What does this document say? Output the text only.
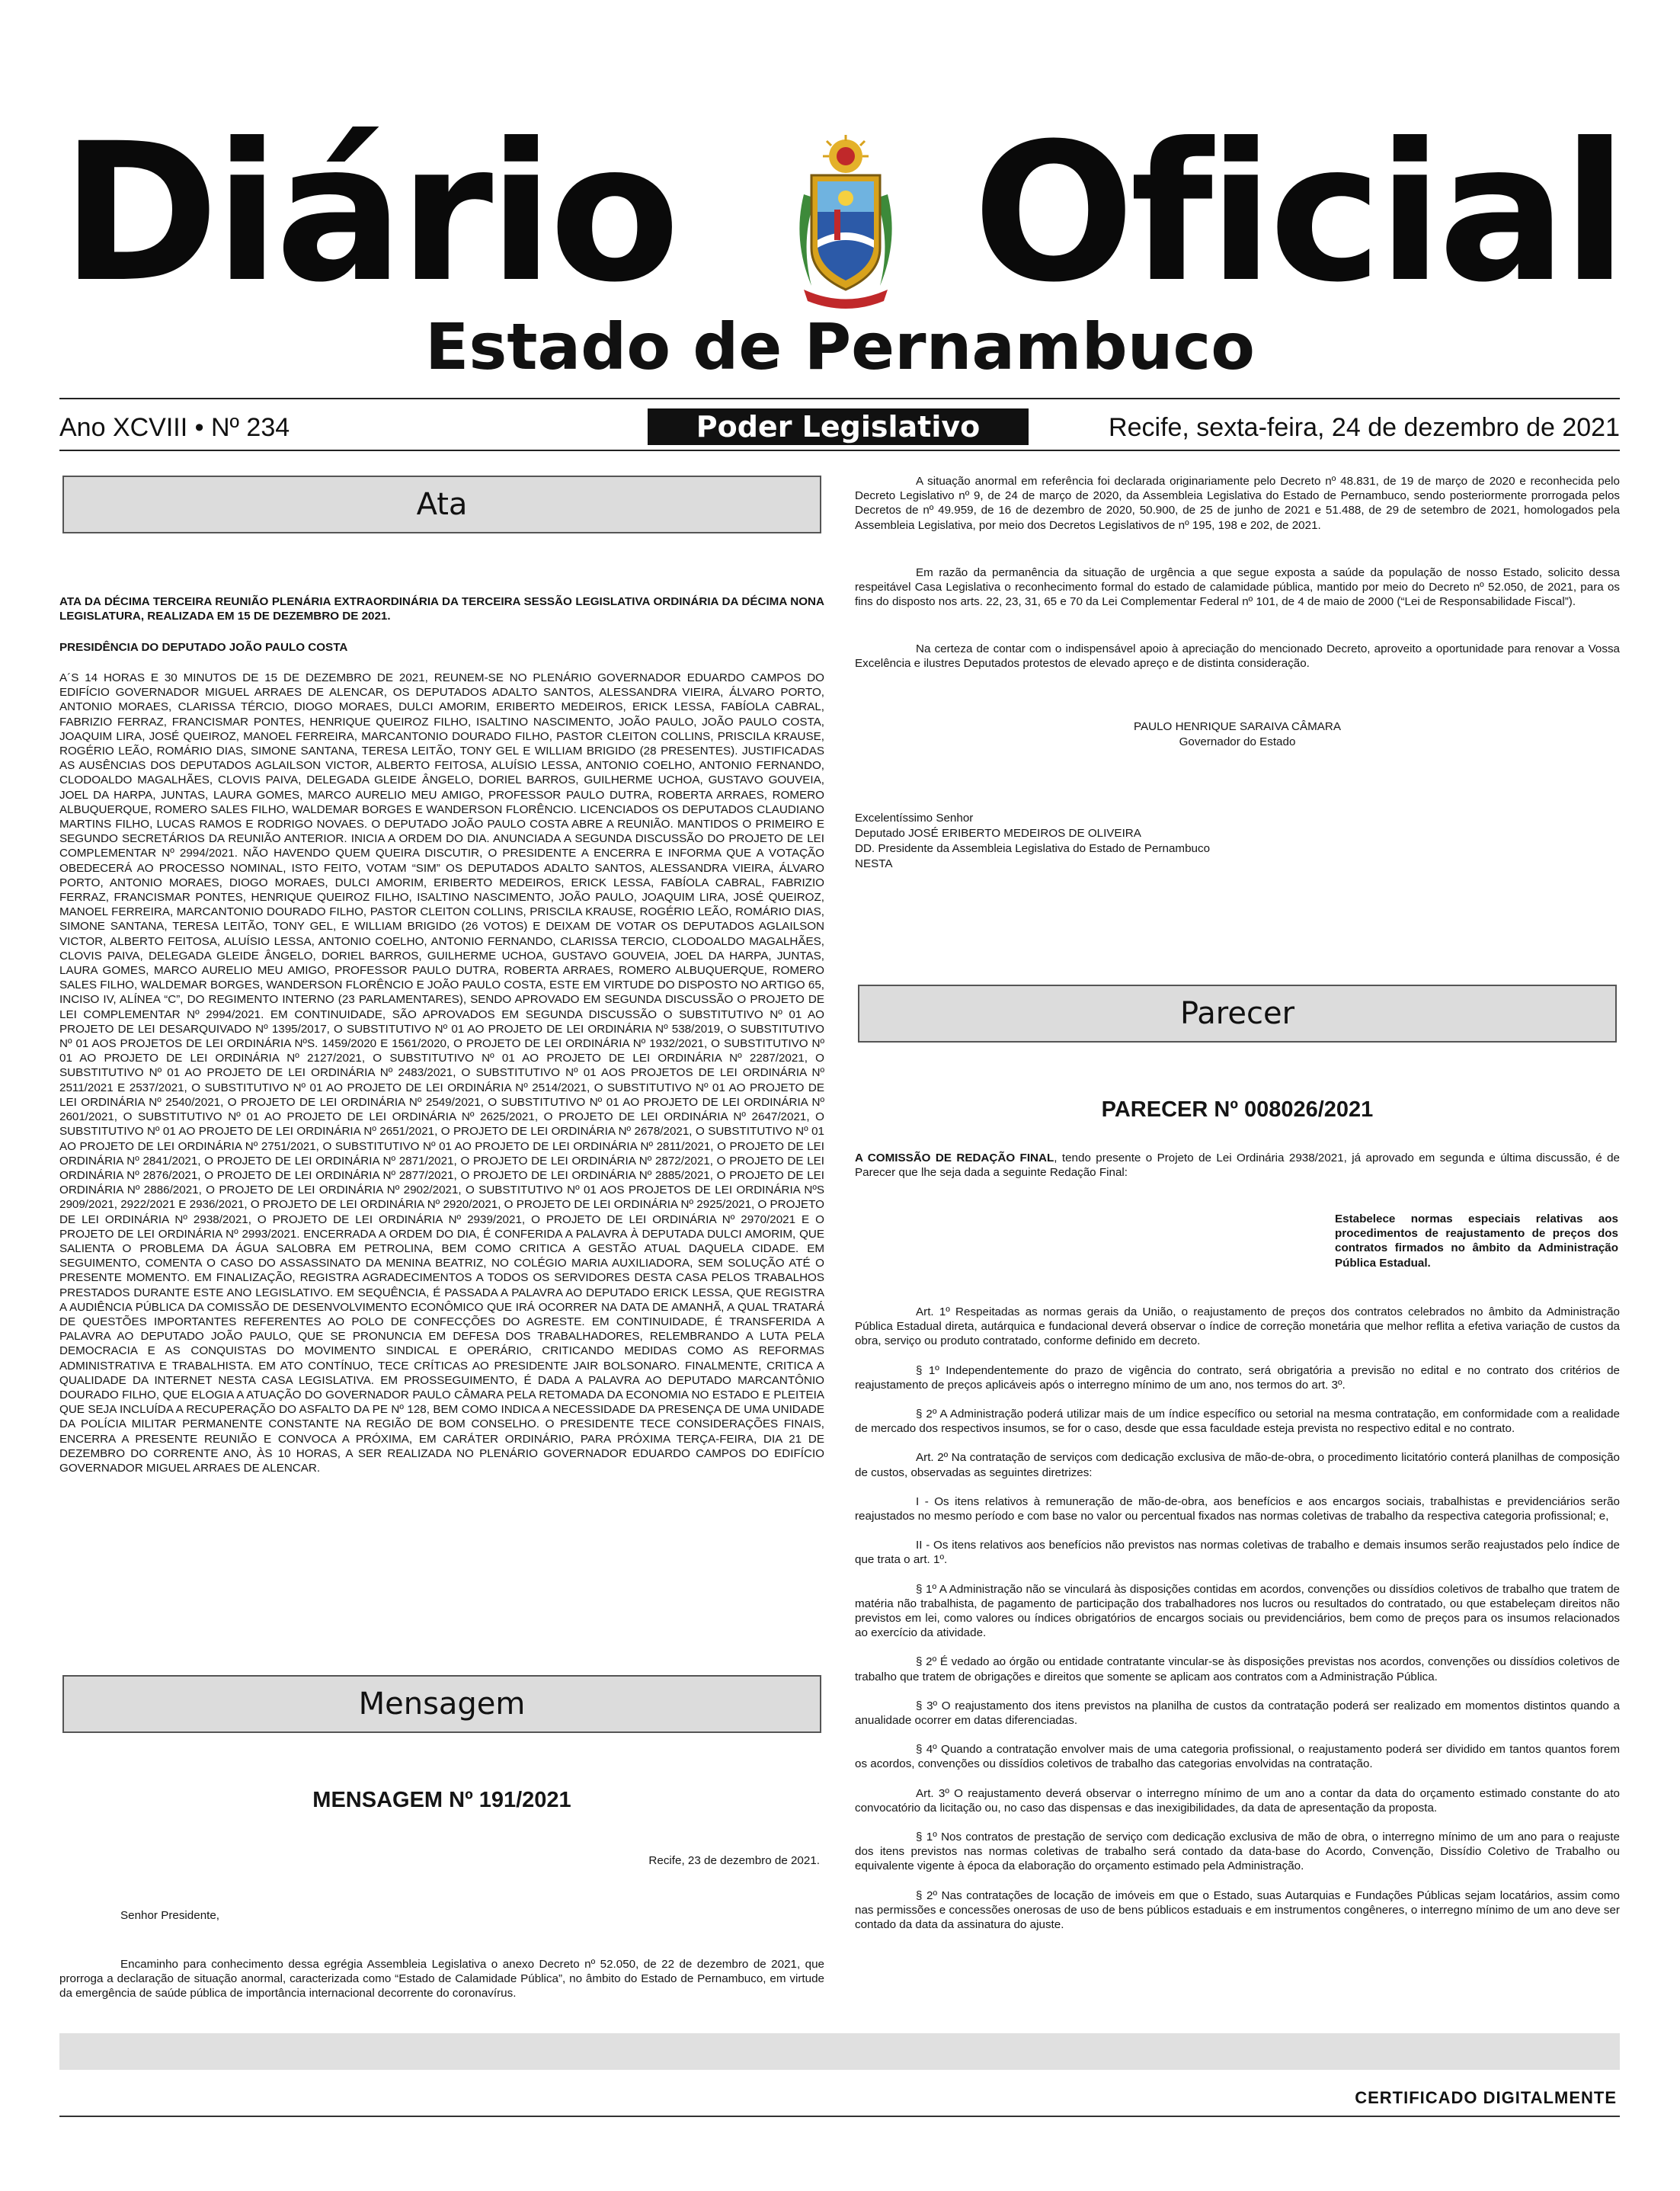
Diário Oficial
Estado de Pernambuco
Ano XCVIII • Nº 234	Poder Legislativo	Recife, sexta-feira, 24 de dezembro de 2021
Ata
ATA DA DÉCIMA TERCEIRA REUNIÃO PLENÁRIA EXTRAORDINÁRIA DA TERCEIRA SESSÃO LEGISLATIVA ORDINÁRIA DA DÉCIMA NONA LEGISLATURA, REALIZADA EM 15 DE DEZEMBRO DE 2021.
PRESIDÊNCIA DO DEPUTADO JOÃO PAULO COSTA
A´S 14 HORAS E 30 MINUTOS DE 15 DE DEZEMBRO DE 2021, REUNEM-SE NO PLENÁRIO GOVERNADOR EDUARDO CAMPOS DO EDIFÍCIO GOVERNADOR MIGUEL ARRAES DE ALENCAR, OS DEPUTADOS ADALTO SANTOS, ALESSANDRA VIEIRA, ÁLVARO PORTO, ANTONIO MORAES, CLARISSA TÉRCIO, DIOGO MORAES, DULCI AMORIM, ERIBERTO MEDEIROS, ERICK LESSA, FABÍOLA CABRAL, FABRIZIO FERRAZ, FRANCISMAR PONTES, HENRIQUE QUEIROZ FILHO, ISALTINO NASCIMENTO, JOÃO PAULO, JOÃO PAULO COSTA, JOAQUIM LIRA, JOSÉ QUEIROZ, MANOEL FERREIRA, MARCANTONIO DOURADO FILHO, PASTOR CLEITON COLLINS, PRISCILA KRAUSE, ROGÉRIO LEÃO, ROMÁRIO DIAS, SIMONE SANTANA, TERESA LEITÃO, TONY GEL E WILLIAM BRIGIDO (28 PRESENTES). JUSTIFICADAS AS AUSÊNCIAS DOS DEPUTADOS AGLAILSON VICTOR, ALBERTO FEITOSA, ALUÍSIO LESSA, ANTONIO COELHO, ANTONIO FERNANDO, CLODOALDO MAGALHÃES, CLOVIS PAIVA, DELEGADA GLEIDE ÂNGELO, DORIEL BARROS, GUILHERME UCHOA, GUSTAVO GOUVEIA, JOEL DA HARPA, JUNTAS, LAURA GOMES, MARCO AURELIO MEU AMIGO, PROFESSOR PAULO DUTRA, ROBERTA ARRAES, ROMERO ALBUQUERQUE, ROMERO SALES FILHO, WALDEMAR BORGES E WANDERSON FLORÊNCIO. LICENCIADOS OS DEPUTADOS CLAUDIANO MARTINS FILHO, LUCAS RAMOS E RODRIGO NOVAES. O DEPUTADO JOÃO PAULO COSTA ABRE A REUNIÃO. MANTIDOS O PRIMEIRO E SEGUNDO SECRETÁRIOS DA REUNIÃO ANTERIOR. INICIA A ORDEM DO DIA. ANUNCIADA A SEGUNDA DISCUSSÃO DO PROJETO DE LEI COMPLEMENTAR Nº 2994/2021. NÃO HAVENDO QUEM QUEIRA DISCUTIR, O PRESIDENTE A ENCERRA E INFORMA QUE A VOTAÇÃO OBEDECERÁ AO PROCESSO NOMINAL, ISTO FEITO, VOTAM “SIM” OS DEPUTADOS ADALTO SANTOS, ALESSANDRA VIEIRA, ÁLVARO PORTO, ANTONIO MORAES, DIOGO MORAES, DULCI AMORIM, ERIBERTO MEDEIROS, ERICK LESSA, FABÍOLA CABRAL, FABRIZIO FERRAZ, FRANCISMAR PONTES, HENRIQUE QUEIROZ FILHO, ISALTINO NASCIMENTO, JOÃO PAULO, JOAQUIM LIRA, JOSÉ QUEIROZ, MANOEL FERREIRA, MARCANTONIO DOURADO FILHO, PASTOR CLEITON COLLINS, PRISCILA KRAUSE, ROGÉRIO LEÃO, ROMÁRIO DIAS, SIMONE SANTANA, TERESA LEITÃO, TONY GEL, E WILLIAM BRIGIDO (26 VOTOS) E DEIXAM DE VOTAR OS DEPUTADOS AGLAILSON VICTOR, ALBERTO FEITOSA, ALUÍSIO LESSA, ANTONIO COELHO, ANTONIO FERNANDO, CLARISSA TERCIO, CLODOALDO MAGALHÃES, CLOVIS PAIVA, DELEGADA GLEIDE ÂNGELO, DORIEL BARROS, GUILHERME UCHOA, GUSTAVO GOUVEIA, JOEL DA HARPA, JUNTAS, LAURA GOMES, MARCO AURELIO MEU AMIGO, PROFESSOR PAULO DUTRA, ROBERTA ARRAES, ROMERO ALBUQUERQUE, ROMERO SALES FILHO, WALDEMAR BORGES, WANDERSON FLORÊNCIO E JOÃO PAULO COSTA, ESTE EM VIRTUDE DO DISPOSTO NO ARTIGO 65, INCISO IV, ALÍNEA “C”, DO REGIMENTO INTERNO (23 PARLAMENTARES), SENDO APROVADO EM SEGUNDA DISCUSSÃO O PROJETO DE LEI COMPLEMENTAR Nº 2994/2021. EM CONTINUIDADE, SÃO APROVADOS EM SEGUNDA DISCUSSÃO O SUBSTITUTIVO Nº 01 AO PROJETO DE LEI DESARQUIVADO Nº 1395/2017, O SUBSTITUTIVO Nº 01 AO PROJETO DE LEI ORDINÁRIA Nº 538/2019, O SUBSTITUTIVO Nº 01 AOS PROJETOS DE LEI ORDINÁRIA NºS. 1459/2020 E 1561/2020, O PROJETO DE LEI ORDINÁRIA Nº 1932/2021, O SUBSTITUTIVO Nº 01 AO PROJETO DE LEI ORDINÁRIA Nº 2127/2021, O SUBSTITUTIVO Nº 01 AO PROJETO DE LEI ORDINÁRIA Nº 2287/2021, O SUBSTITUTIVO Nº 01 AO PROJETO DE LEI ORDINÁRIA Nº 2483/2021, O SUBSTITUTIVO Nº 01 AOS PROJETOS DE LEI ORDINÁRIA Nº 2511/2021 E 2537/2021, O SUBSTITUTIVO Nº 01 AO PROJETO DE LEI ORDINÁRIA Nº 2514/2021, O SUBSTITUTIVO Nº 01 AO PROJETO DE LEI ORDINÁRIA Nº 2540/2021, O PROJETO DE LEI ORDINÁRIA Nº 2549/2021, O SUBSTITUTIVO Nº 01 AO PROJETO DE LEI ORDINÁRIA Nº 2601/2021, O SUBSTITUTIVO Nº 01 AO PROJETO DE LEI ORDINÁRIA Nº 2625/2021, O PROJETO DE LEI ORDINÁRIA Nº 2647/2021, O SUBSTITUTIVO Nº 01 AO PROJETO DE LEI ORDINÁRIA Nº 2651/2021, O PROJETO DE LEI ORDINÁRIA Nº 2678/2021, O SUBSTITUTIVO Nº 01 AO PROJETO DE LEI ORDINÁRIA Nº 2751/2021, O SUBSTITUTIVO Nº 01 AO PROJETO DE LEI ORDINÁRIA Nº 2811/2021, O PROJETO DE LEI ORDINÁRIA Nº 2841/2021, O PROJETO DE LEI ORDINÁRIA Nº 2871/2021, O PROJETO DE LEI ORDINÁRIA Nº 2872/2021, O PROJETO DE LEI ORDINÁRIA Nº 2876/2021, O PROJETO DE LEI ORDINÁRIA Nº 2877/2021, O PROJETO DE LEI ORDINÁRIA Nº 2885/2021, O PROJETO DE LEI ORDINÁRIA Nº 2886/2021, O PROJETO DE LEI ORDINÁRIA Nº 2902/2021, O SUBSTITUTIVO Nº 01 AOS PROJETOS DE LEI ORDINÁRIA NºS 2909/2021, 2922/2021 E 2936/2021, O PROJETO DE LEI ORDINÁRIA Nº 2920/2021, O PROJETO DE LEI ORDINÁRIA Nº 2925/2021, O PROJETO DE LEI ORDINÁRIA Nº 2938/2021, O PROJETO DE LEI ORDINÁRIA Nº 2939/2021, O PROJETO DE LEI ORDINÁRIA Nº 2970/2021 E O PROJETO DE LEI ORDINÁRIA Nº 2993/2021. ENCERRADA A ORDEM DO DIA, É CONFERIDA A PALAVRA À DEPUTADA DULCI AMORIM, QUE SALIENTA O PROBLEMA DA ÁGUA SALOBRA EM PETROLINA, BEM COMO CRITICA A GESTÃO ATUAL DAQUELA CIDADE. EM SEGUIMENTO, COMENTA O CASO DO ASSASSINATO DA MENINA BEATRIZ, NO COLÉGIO MARIA AUXILIADORA, SEM SOLUÇÃO ATÉ O PRESENTE MOMENTO. EM FINALIZAÇÃO, REGISTRA AGRADECIMENTOS A TODOS OS SERVIDORES DESTA CASA PELOS TRABALHOS PRESTADOS DURANTE ESTE ANO LEGISLATIVO. EM SEQUÊNCIA, É PASSADA A PALAVRA AO DEPUTADO ERICK LESSA, QUE REGISTRA A AUDIÊNCIA PÚBLICA DA COMISSÃO DE DESENVOLVIMENTO ECONÔMICO QUE IRÁ OCORRER NA DATA DE AMANHÃ, A QUAL TRATARÁ DE QUESTÕES IMPORTANTES REFERENTES AO POLO DE CONFECÇÕES DO AGRESTE. EM CONTINUIDADE, É TRANSFERIDA A PALAVRA AO DEPUTADO JOÃO PAULO, QUE SE PRONUNCIA EM DEFESA DOS TRABALHADORES, RELEMBRANDO A LUTA PELA DEMOCRACIA E AS CONQUISTAS DO MOVIMENTO SINDICAL E OPERÁRIO, CRITICANDO MEDIDAS COMO AS REFORMAS ADMINISTRATIVA E TRABALHISTA. EM ATO CONTÍNUO, TECE CRÍTICAS AO PRESIDENTE JAIR BOLSONARO. FINALMENTE, CRITICA A QUALIDADE DA INTERNET NESTA CASA LEGISLATIVA. EM PROSSEGUIMENTO, É DADA A PALAVRA AO DEPUTADO MARCANTÔNIO DOURADO FILHO, QUE ELOGIA A ATUAÇÃO DO GOVERNADOR PAULO CÂMARA PELA RETOMADA DA ECONOMIA NO ESTADO E PLEITEIA QUE SEJA INCLUÍDA A RECUPERAÇÃO DO ASFALTO DA PE Nº 128, BEM COMO INDICA A NECESSIDADE DA PRESENÇA DE UMA UNIDADE DA POLÍCIA MILITAR PERMANENTE CONSTANTE NA REGIÃO DE BOM CONSELHO. O PRESIDENTE TECE CONSIDERAÇÕES FINAIS, ENCERRA A PRESENTE REUNIÃO E CONVOCA A PRÓXIMA, EM CARÁTER ORDINÁRIO, PARA PRÓXIMA TERÇA-FEIRA, DIA 21 DE DEZEMBRO DO CORRENTE ANO, ÀS 10 HORAS, A SER REALIZADA NO PLENÁRIO GOVERNADOR EDUARDO CAMPOS DO EDIFÍCIO GOVERNADOR MIGUEL ARRAES DE ALENCAR.
Mensagem
MENSAGEM Nº 191/2021
Recife, 23 de dezembro de 2021.
Senhor Presidente,
Encaminho para conhecimento dessa egrégia Assembleia Legislativa o anexo Decreto nº 52.050, de 22 de dezembro de 2021, que prorroga a declaração de situação anormal, caracterizada como “Estado de Calamidade Pública”, no âmbito do Estado de Pernambuco, em virtude da emergência de saúde pública de importância internacional decorrente do coronavírus.
A situação anormal em referência foi declarada originariamente pelo Decreto nº 48.831, de 19 de março de 2020 e reconhecida pelo Decreto Legislativo nº 9, de 24 de março de 2020, da Assembleia Legislativa do Estado de Pernambuco, sendo posteriormente prorrogada pelos Decretos de nº 49.959, de 16 de dezembro de 2020, 50.900, de 25 de junho de 2021 e 51.488, de 29 de setembro de 2021, homologados pela Assembleia Legislativa, por meio dos Decretos Legislativos de nº 195, 198 e 202, de 2021.
Em razão da permanência da situação de urgência a que segue exposta a saúde da população de nosso Estado, solicito dessa respeitável Casa Legislativa o reconhecimento formal do estado de calamidade pública, mantido por meio do Decreto nº 52.050, de 2021, para os fins do disposto nos arts. 22, 23, 31, 65 e 70 da Lei Complementar Federal nº 101, de 4 de maio de 2000 (“Lei de Responsabilidade Fiscal”).
Na certeza de contar com o indispensável apoio à apreciação do mencionado Decreto, aproveito a oportunidade para renovar a Vossa Excelência e ilustres Deputados protestos de elevado apreço e de distinta consideração.
PAULO HENRIQUE SARAIVA CÂMARA
Governador do Estado
Excelentíssimo Senhor
Deputado JOSÉ ERIBERTO MEDEIROS DE OLIVEIRA
DD. Presidente da Assembleia Legislativa do Estado de Pernambuco
NESTA
Parecer
PARECER Nº 008026/2021
A COMISSÃO DE REDAÇÃO FINAL, tendo presente o Projeto de Lei Ordinária 2938/2021, já aprovado em segunda e última discussão, é de Parecer que lhe seja dada a seguinte Redação Final:
Estabelece normas especiais relativas aos procedimentos de reajustamento de preços dos contratos firmados no âmbito da Administração Pública Estadual.

Art. 1º Respeitadas as normas gerais da União, o reajustamento de preços dos contratos celebrados no âmbito da Administração Pública Estadual direta, autárquica e fundacional deverá observar o índice de correção monetária que melhor reflita a efetiva variação de custos da obra, serviço ou produto contratado, conforme definido em decreto.

§ 1º Independentemente do prazo de vigência do contrato, será obrigatória a previsão no edital e no contrato dos critérios de reajustamento de preços aplicáveis após o interregno mínimo de um ano, nos termos do art. 3º.

§ 2º A Administração poderá utilizar mais de um índice específico ou setorial na mesma contratação, em conformidade com a realidade de mercado dos respectivos insumos, se for o caso, desde que essa faculdade esteja prevista no respectivo edital e no contrato.

Art. 2º Na contratação de serviços com dedicação exclusiva de mão-de-obra, o procedimento licitatório conterá planilhas de composição de custos, observadas as seguintes diretrizes:

I - Os itens relativos à remuneração de mão-de-obra, aos benefícios e aos encargos sociais, trabalhistas e previdenciários serão reajustados no mesmo período e com base no valor ou percentual fixados nas normas coletivas de trabalho da respectiva categoria profissional; e,

II - Os itens relativos aos benefícios não previstos nas normas coletivas de trabalho e demais insumos serão reajustados pelo índice de que trata o art. 1º.

§ 1º A Administração não se vinculará às disposições contidas em acordos, convenções ou dissídios coletivos de trabalho que tratem de matéria não trabalhista, de pagamento de participação dos trabalhadores nos lucros ou resultados do contratado, ou que estabeleçam direitos não previstos em lei, como valores ou índices obrigatórios de encargos sociais ou previdenciários, bem como de preços para os insumos relacionados ao exercício da atividade.

§ 2º É vedado ao órgão ou entidade contratante vincular-se às disposições previstas nos acordos, convenções ou dissídios coletivos de trabalho que tratem de obrigações e direitos que somente se aplicam aos contratos com a Administração Pública.

§ 3º O reajustamento dos itens previstos na planilha de custos da contratação poderá ser realizado em momentos distintos quando a anualidade ocorrer em datas diferenciadas.

§ 4º Quando a contratação envolver mais de uma categoria profissional, o reajustamento poderá ser dividido em tantos quantos forem os acordos, convenções ou dissídios coletivos de trabalho das categorias envolvidas na contratação.

Art. 3º O reajustamento deverá observar o interregno mínimo de um ano a contar da data do orçamento estimado constante do ato convocatório da licitação ou, no caso das dispensas e das inexigibilidades, da data de apresentação da proposta.

§ 1º Nos contratos de prestação de serviço com dedicação exclusiva de mão de obra, o interregno mínimo de um ano para o reajuste dos itens previstos nas normas coletivas de trabalho será contado da data-base do Acordo, Convenção, Dissídio Coletivo de Trabalho ou equivalente vigente à época da elaboração do orçamento estimado pela Administração.

§ 2º Nas contratações de locação de imóveis em que o Estado, suas Autarquias e Fundações Públicas sejam locatários, assim como nas permissões e concessões onerosas de uso de bens públicos estaduais e em instrumentos congêneres, o interregno mínimo de um ano deve ser contado da data da assinatura do ajuste.

CERTIFICADO DIGITALMENTE
